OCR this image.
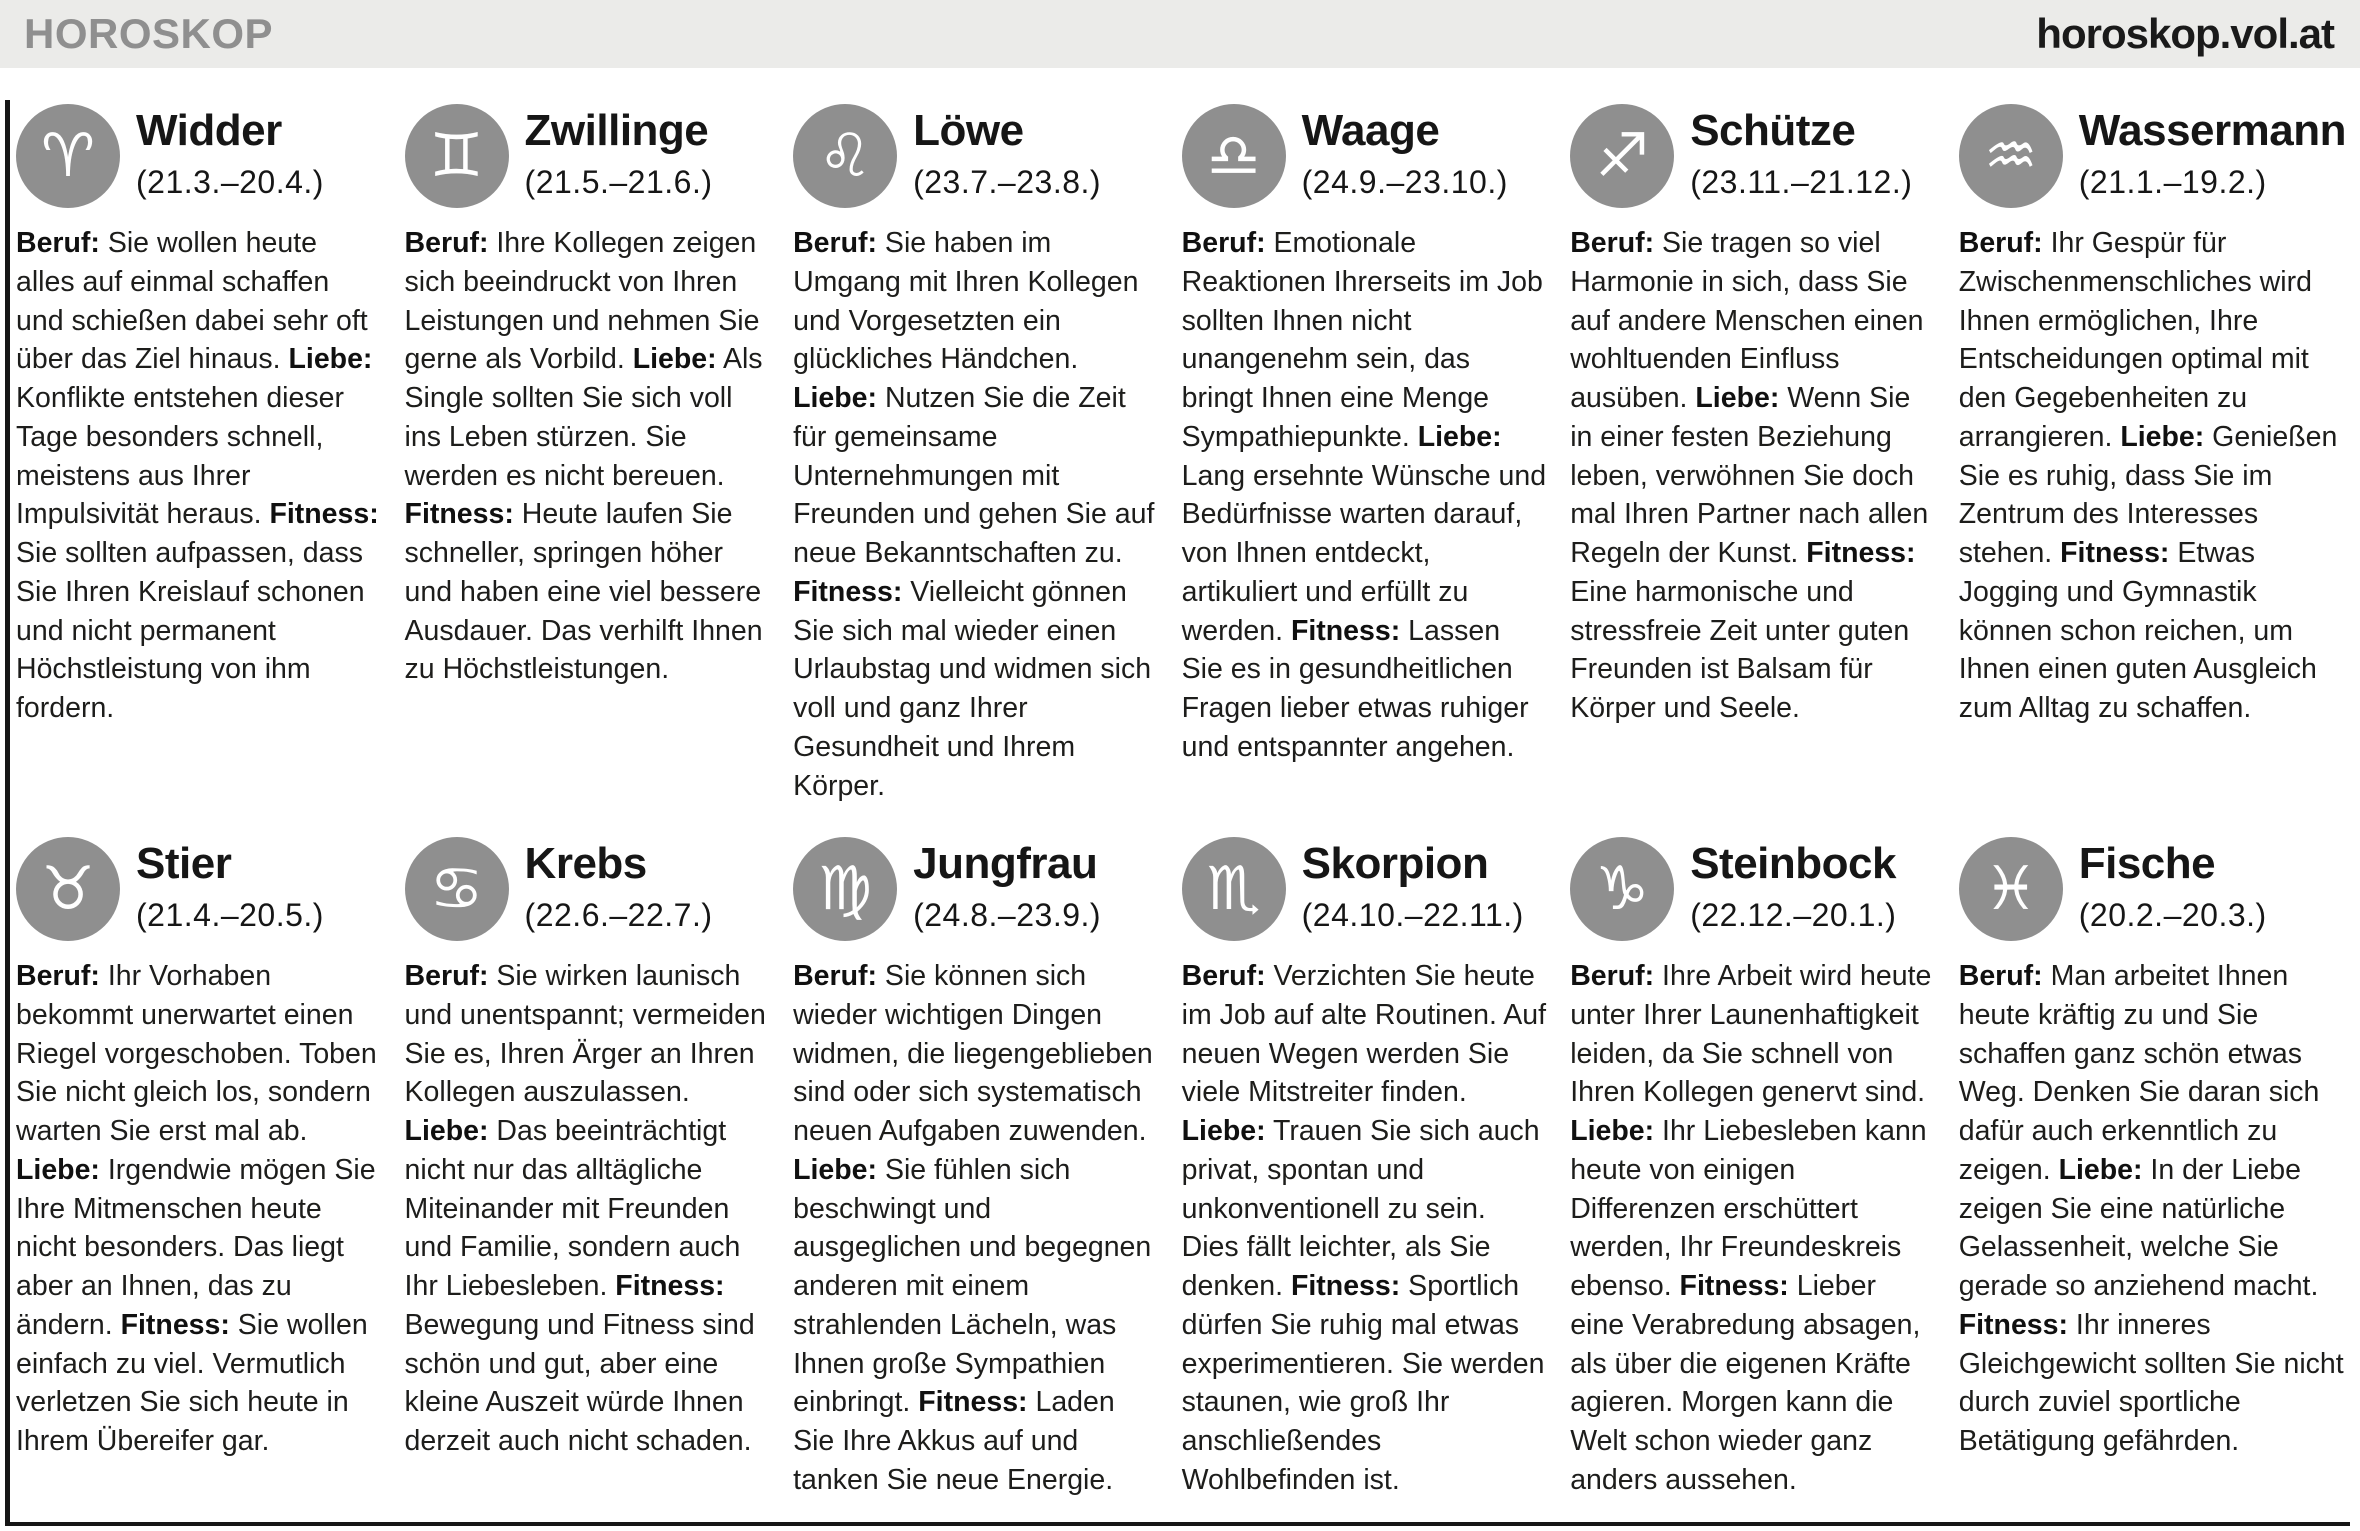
HOROSKOP	horoskop.vol.at
♈ Widder
(21.3.–20.4.)

Beruf: Sie wollen heute alles auf einmal schaffen und schießen dabei sehr oft über das Ziel hinaus. Liebe: Konflikte entstehen dieser Tage besonders schnell, meistens aus Ihrer Impulsivität heraus. Fitness: Sie sollten aufpassen, dass Sie Ihren Kreislauf schonen und nicht permanent Höchstleistung von ihm fordern.

♊ Zwillinge
(21.5.–21.6.)

Beruf: Ihre Kollegen zeigen sich beeindruckt von Ihren Leistungen und nehmen Sie gerne als Vorbild. Liebe: Als Single sollten Sie sich voll ins Leben stürzen. Sie werden es nicht bereuen. Fitness: Heute laufen Sie schneller, springen höher und haben eine viel bessere Ausdauer. Das verhilft Ihnen zu Höchstleistungen.

♌ Löwe
(23.7.–23.8.)

Beruf: Sie haben im Umgang mit Ihren Kollegen und Vorgesetzten ein glückliches Händchen. Liebe: Nutzen Sie die Zeit für gemeinsame Unternehmungen mit Freunden und gehen Sie auf neue Bekanntschaften zu. Fitness: Vielleicht gönnen Sie sich mal wieder einen Urlaubstag und widmen sich voll und ganz Ihrer Gesundheit und Ihrem Körper.

♎ Waage
(24.9.–23.10.)

Beruf: Emotionale Reaktionen Ihrerseits im Job sollten Ihnen nicht unangenehm sein, das bringt Ihnen eine Menge Sympathiepunkte. Liebe: Lang ersehnte Wünsche und Bedürfnisse warten darauf, von Ihnen entdeckt, artikuliert und erfüllt zu werden. Fitness: Lassen Sie es in gesundheitlichen Fragen lieber etwas ruhiger und entspannter angehen.

♐ Schütze
(23.11.–21.12.)

Beruf: Sie tragen so viel Harmonie in sich, dass Sie auf andere Menschen einen wohltuenden Einfluss ausüben. Liebe: Wenn Sie in einer festen Beziehung leben, verwöhnen Sie doch mal Ihren Partner nach allen Regeln der Kunst. Fitness: Eine harmonische und stressfreie Zeit unter guten Freunden ist Balsam für Körper und Seele.

♒ Wassermann
(21.1.–19.2.)

Beruf: Ihr Gespür für Zwischenmenschliches wird Ihnen ermöglichen, Ihre Entscheidungen optimal mit den Gegebenheiten zu arrangieren. Liebe: Genießen Sie es ruhig, dass Sie im Zentrum des Interesses stehen. Fitness: Etwas Jogging und Gymnastik können schon reichen, um Ihnen einen guten Ausgleich zum Alltag zu schaffen.

♉ Stier
(21.4.–20.5.)

Beruf: Ihr Vorhaben bekommt unerwartet einen Riegel vorgeschoben. Toben Sie nicht gleich los, sondern warten Sie erst mal ab. Liebe: Irgendwie mögen Sie Ihre Mitmenschen heute nicht besonders. Das liegt aber an Ihnen, das zu ändern. Fitness: Sie wollen einfach zu viel. Vermutlich verletzen Sie sich heute in Ihrem Übereifer gar.

♋ Krebs
(22.6.–22.7.)

Beruf: Sie wirken launisch und unentspannt; vermeiden Sie es, Ihren Ärger an Ihren Kollegen auszulassen. Liebe: Das beeinträchtigt nicht nur das alltägliche Miteinander mit Freunden und Familie, sondern auch Ihr Liebesleben. Fitness: Bewegung und Fitness sind schön und gut, aber eine kleine Auszeit würde Ihnen derzeit auch nicht schaden.

♍ Jungfrau
(24.8.–23.9.)

Beruf: Sie können sich wieder wichtigen Dingen widmen, die liegengeblieben sind oder sich systematisch neuen Aufgaben zuwenden. Liebe: Sie fühlen sich beschwingt und ausgeglichen und begegnen anderen mit einem strahlenden Lächeln, was Ihnen große Sympathien einbringt. Fitness: Laden Sie Ihre Akkus auf und tanken Sie neue Energie.

♏ Skorpion
(24.10.–22.11.)

Beruf: Verzichten Sie heute im Job auf alte Routinen. Auf neuen Wegen werden Sie viele Mitstreiter finden. Liebe: Trauen Sie sich auch privat, spontan und unkonventionell zu sein. Dies fällt leichter, als Sie denken. Fitness: Sportlich dürfen Sie ruhig mal etwas experimentieren. Sie werden staunen, wie groß Ihr anschließendes Wohlbefinden ist.

♑ Steinbock
(22.12.–20.1.)

Beruf: Ihre Arbeit wird heute unter Ihrer Launenhaftigkeit leiden, da Sie schnell von Ihren Kollegen genervt sind. Liebe: Ihr Liebesleben kann heute von einigen Differenzen erschüttert werden, Ihr Freundeskreis ebenso. Fitness: Lieber eine Verabredung absagen, als über die eigenen Kräfte agieren. Morgen kann die Welt schon wieder ganz anders aussehen.

♓ Fische
(20.2.–20.3.)

Beruf: Man arbeitet Ihnen heute kräftig zu und Sie schaffen ganz schön etwas Weg. Denken Sie daran sich dafür auch erkenntlich zu zeigen. Liebe: In der Liebe zeigen Sie eine natürliche Gelassenheit, welche Sie gerade so anziehend macht. Fitness: Ihr inneres Gleichgewicht sollten Sie nicht durch zuviel sportliche Betätigung gefährden.
